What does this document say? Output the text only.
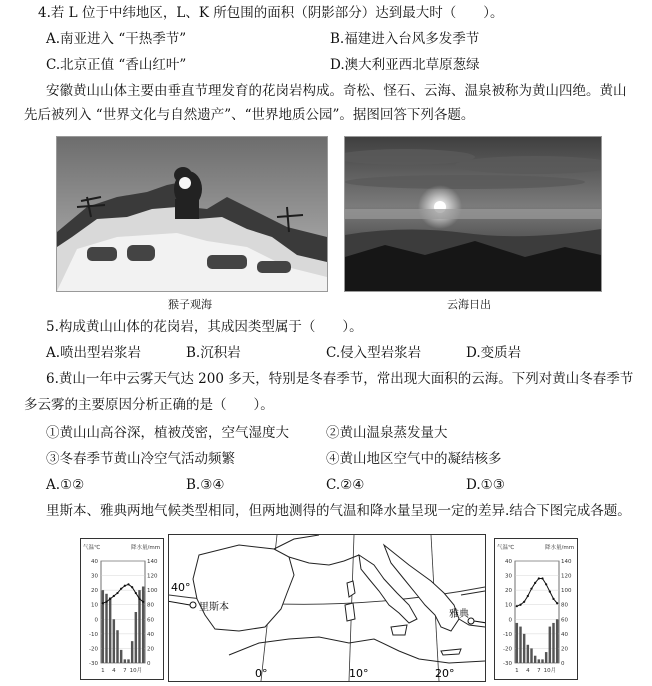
4.若 L 位于中纬地区，L、K 所包围的面积（阴影部分）达到最大时（　　）。
A.南亚进入 “干热季节”	B.福建进入台风多发季节
C.北京正值 “香山红叶”	D.澳大利亚西北草原葱绿
安徽黄山山体主要由垂直节理发育的花岗岩构成。奇松、怪石、云海、温泉被称为黄山四绝。黄山
先后被列入 “世界文化与自然遗产”、“世界地质公园”。据图回答下列各题。
猴子观海	云海日出
5.构成黄山山体的花岗岩，其成因类型属于（　　）。
A.喷出型岩浆岩	B.沉积岩	C.侵入型岩浆岩	D.变质岩
6.黄山一年中云雾天气达 200 多天，特别是冬春季节，常出现大面积的云海。下列对黄山冬春季节
多云雾的主要原因分析正确的是（　　）。
①黄山山高谷深，植被茂密，空气湿度大	②黄山温泉蒸发量大
③冬春季节黄山冷空气活动频繁	④黄山地区空气中的凝结核多
A.①②	B.③④	C.②④	D.①③
里斯本、雅典两地气候类型相同，但两地测得的气温和降水量呈现一定的差异.结合下图完成各题。
气温℃	降水量/mm
40
30
20
10
0
-10
-20
-30
140
120
100
80
60
40
20
0
1 4 7 10月
40°
里斯本
雅典
0°	10°	20°
气温℃	降水量/mm
40
30
20
10
0
-10
-20
-30
140
120
100
80
60
40
20
0
1 4 7 10月
